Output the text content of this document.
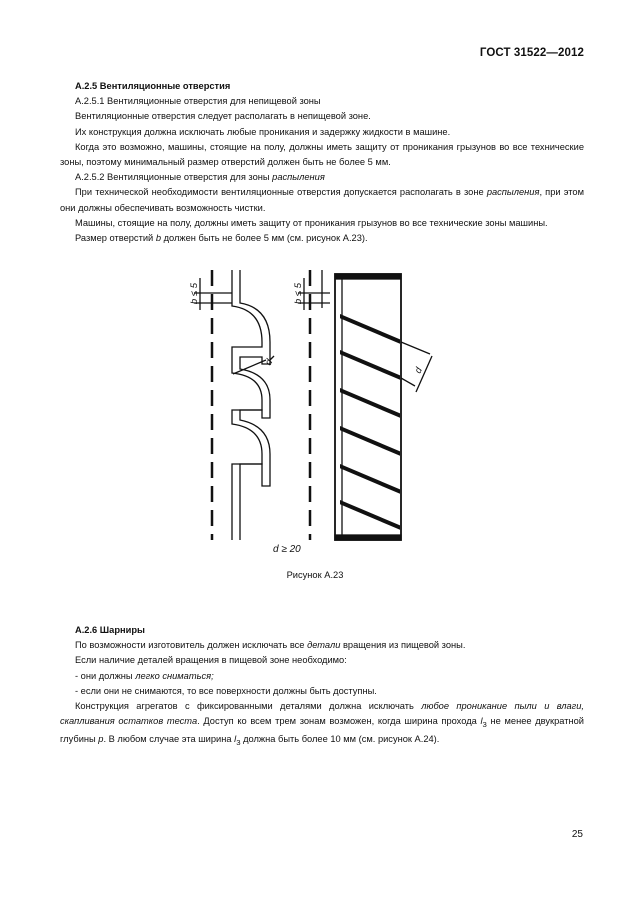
ГОСТ 31522—2012

А.2.5 Вентиляционные отверстия

А.2.5.1 Вентиляционные отверстия для непищевой зоны

Вентиляционные отверстия следует располагать в непищевой зоне.

Их конструкция должна исключать любые проникания и задержку жидкости в машине.

Когда это возможно, машины, стоящие на полу, должны иметь защиту от проникания грызунов во все технические зоны, поэтому минимальный размер отверстий должен быть не более 5 мм.

А.2.5.2 Вентиляционные отверстия для зоны распыления

При технической необходимости вентиляционные отверстия допускается располагать в зоне распыления, при этом они должны обеспечивать возможность чистки.

Машины, стоящие на полу, должны иметь защиту от проникания грызунов во все технические зоны машины.

Размер отверстий b должен быть не более 5 мм (см. рисунок А.23).

b ≤ 5	b ≤ 5
d
d
d ≥ 20
Рисунок А.23

А.2.6 Шарниры

По возможности изготовитель должен исключать все детали вращения из пищевой зоны.

Если наличие деталей вращения в пищевой зоне необходимо:

- они должны легко сниматься;

- если они не снимаются, то все поверхности должны быть доступны.

Конструкция агрегатов с фиксированными деталями должна исключать любое проникание пыли и влаги, скапливания остатков теста. Доступ ко всем трем зонам возможен, когда ширина прохода $l_3$ не менее двукратной глубины p. В любом случае эта ширина $l_3$ должна быть более 10 мм (см. рисунок А.24).

25
